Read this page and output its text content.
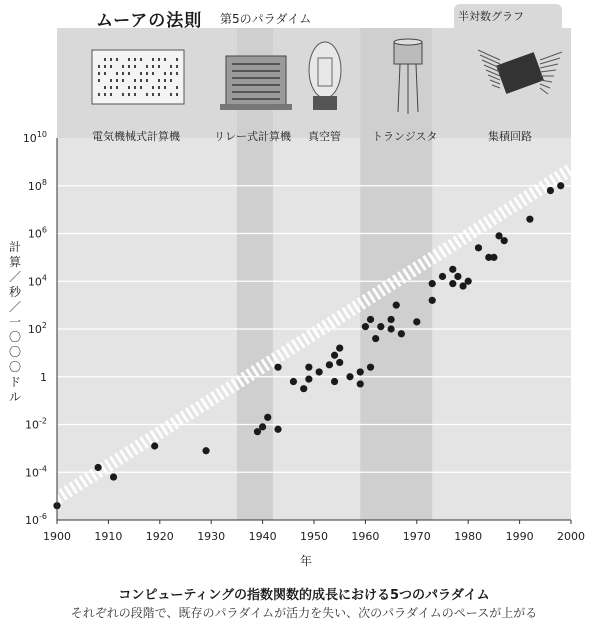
1900 1910 1920 1930 1940 1950 1960 1970 1980 1990 2000
$10^{10}$
$10^8$
$10^6$
$10^4$
$10^2$
1
$10^{-2}$
$10^{-4}$
$10^{-6}$
ムーアの法則 第5のパラダイム	半対数グラフ
電気機械式計算機	リレー式計算機 真空管	トランジスタ	集積回路
計算／秒／一〇〇〇ドル
年
コンピューティングの指数関数的成長における5つのパラダイム
それぞれの段階で、既存のパラダイムが活力を失い、次のパラダイムのペースが上がる
